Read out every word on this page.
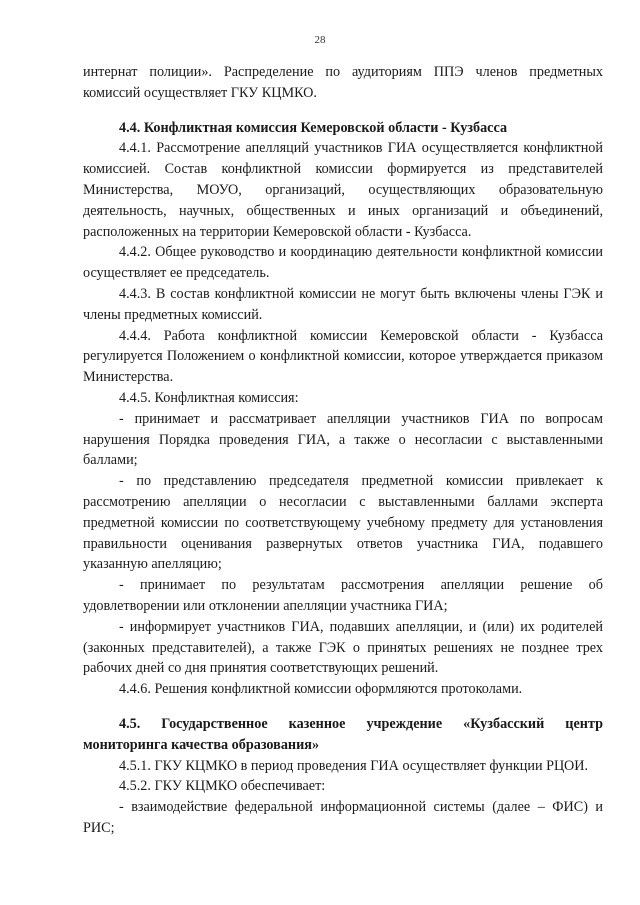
28

интернат полиции». Распределение по аудиториям ППЭ членов предметных комиссий осуществляет ГКУ КЦМКО.

4.4. Конфликтная комиссия Кемеровской области - Кузбасса

4.4.1. Рассмотрение апелляций участников ГИА осуществляется конфликтной комиссией. Состав конфликтной комиссии формируется из представителей Министерства, МОУО, организаций, осуществляющих образовательную деятельность, научных, общественных и иных организаций и объединений, расположенных на территории Кемеровской области - Кузбасса.

4.4.2. Общее руководство и координацию деятельности конфликтной комиссии осуществляет ее председатель.

4.4.3. В состав конфликтной комиссии не могут быть включены члены ГЭК и члены предметных комиссий.

4.4.4. Работа конфликтной комиссии Кемеровской области - Кузбасса регулируется Положением о конфликтной комиссии, которое утверждается приказом Министерства.

4.4.5. Конфликтная комиссия:

- принимает и рассматривает апелляции участников ГИА по вопросам нарушения Порядка проведения ГИА, а также о несогласии с выставленными баллами;

- по представлению председателя предметной комиссии привлекает к рассмотрению апелляции о несогласии с выставленными баллами эксперта предметной комиссии по соответствующему учебному предмету для установления правильности оценивания развернутых ответов участника ГИА, подавшего указанную апелляцию;

- принимает по результатам рассмотрения апелляции решение об удовлетворении или отклонении апелляции участника ГИА;

- информирует участников ГИА, подавших апелляции, и (или) их родителей (законных представителей), а также ГЭК о принятых решениях не позднее трех рабочих дней со дня принятия соответствующих решений.

4.4.6. Решения конфликтной комиссии оформляются протоколами.

4.5. Государственное казенное учреждение «Кузбасский центр мониторинга качества образования»

4.5.1. ГКУ КЦМКО в период проведения ГИА осуществляет функции РЦОИ.

4.5.2. ГКУ КЦМКО обеспечивает:

- взаимодействие федеральной информационной системы (далее – ФИС) и РИС;
